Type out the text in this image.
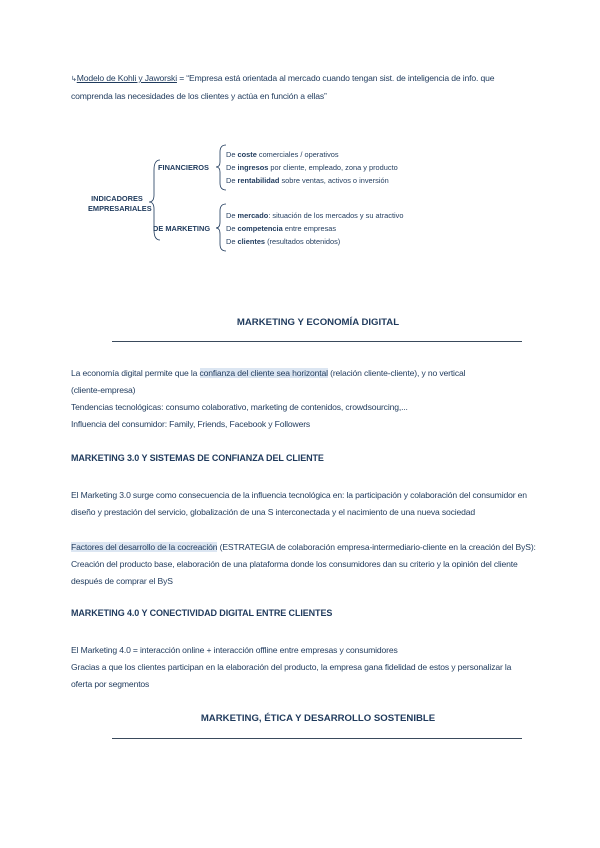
↳Modelo de Kohli y Jaworski = “Empresa está orientada al mercado cuando tengan sist. de inteligencia de info. que
comprenda las necesidades de los clientes y actúa en función a ellas”
INDICADORES
EMPRESARIALES
FINANCIEROS
DE MARKETING
De coste comerciales / operativos
De ingresos por cliente, empleado, zona y producto
De rentabilidad sobre ventas, activos o inversión
De mercado: situación de los mercados y su atractivo
De competencia entre empresas
De clientes (resultados obtenidos)
MARKETING Y ECONOMÍA DIGITAL
La economía digital permite que la confianza del cliente sea horizontal (relación cliente-cliente), y no vertical
(cliente-empresa)
Tendencias tecnológicas: consumo colaborativo, marketing de contenidos, crowdsourcing,...
Influencia del consumidor: Family, Friends, Facebook y Followers
MARKETING 3.0 Y SISTEMAS DE CONFIANZA DEL CLIENTE
El Marketing 3.0 surge como consecuencia de la influencia tecnológica en: la participación y colaboración del consumidor en
diseño y prestación del servicio, globalización de una S interconectada y el nacimiento de una nueva sociedad
Factores del desarrollo de la cocreación (ESTRATEGIA de colaboración empresa-intermediario-cliente en la creación del ByS):
Creación del producto base, elaboración de una plataforma donde los consumidores dan su criterio y la opinión del cliente
después de comprar el ByS
MARKETING 4.0 Y CONECTIVIDAD DIGITAL ENTRE CLIENTES
El Marketing 4.0 = interacción online + interacción offline entre empresas y consumidores
Gracias a que los clientes participan en la elaboración del producto, la empresa gana fidelidad de estos y personalizar la
oferta por segmentos
MARKETING, ÉTICA Y DESARROLLO SOSTENIBLE
